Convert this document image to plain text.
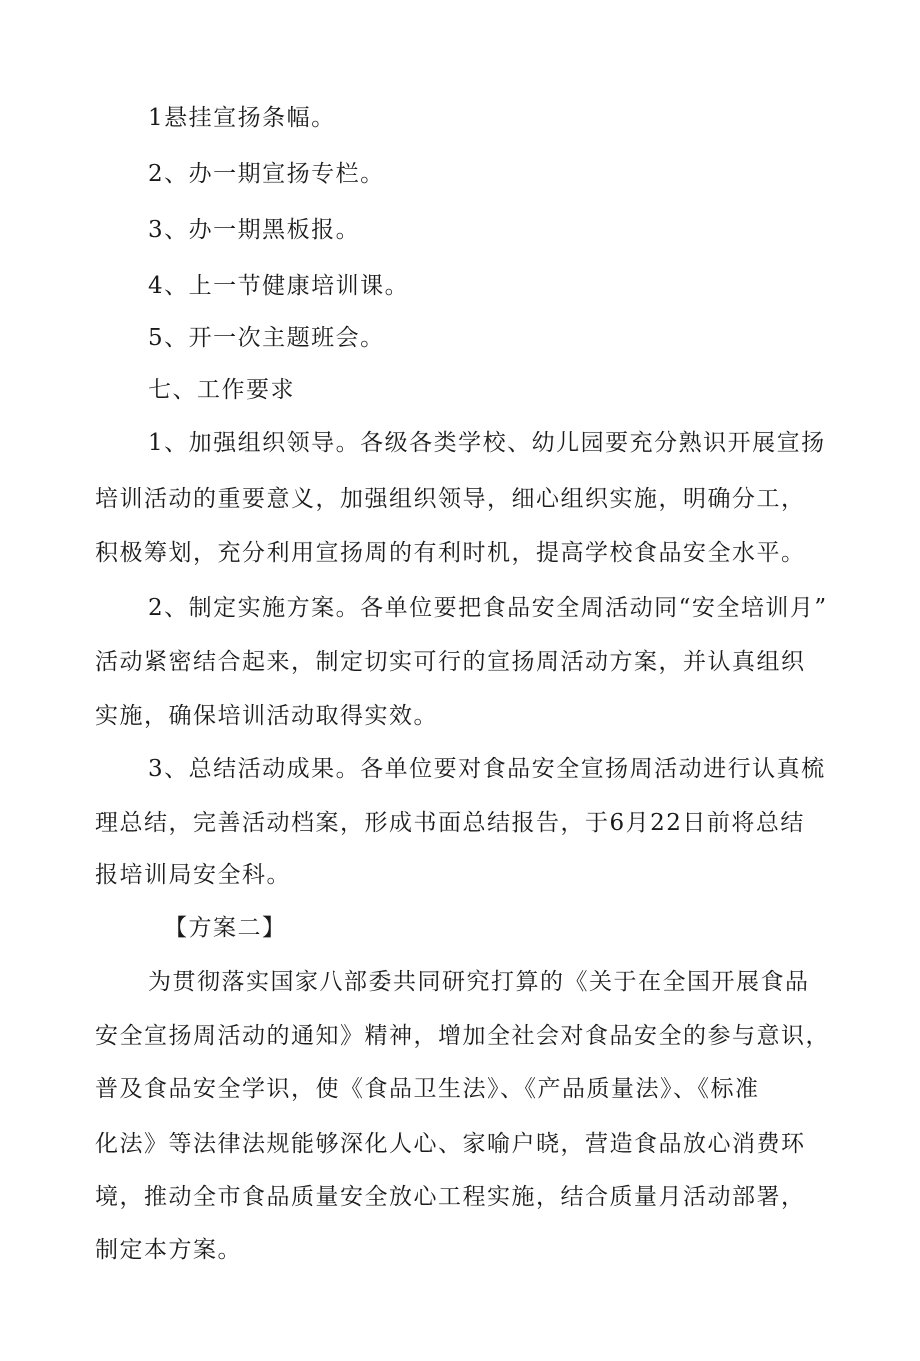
1悬挂宣扬条幅。
2、办一期宣扬专栏。
3、办一期黑板报。
4、上一节健康培训课。
5、开一次主题班会。
七、工作要求
1、加强组织领导。各级各类学校、幼儿园要充分熟识开展宣扬
培训活动的重要意义，加强组织领导，细心组织实施，明确分工，
积极筹划，充分利用宣扬周的有利时机，提高学校食品安全水平。
2、制定实施方案。各单位要把食品安全周活动同“安全培训月”
活动紧密结合起来，制定切实可行的宣扬周活动方案，并认真组织
实施，确保培训活动取得实效。
3、总结活动成果。各单位要对食品安全宣扬周活动进行认真梳
理总结，完善活动档案，形成书面总结报告，于6月22日前将总结
报培训局安全科。
【方案二】
为贯彻落实国家八部委共同研究打算的《关于在全国开展食品
安全宣扬周活动的通知》精神，增加全社会对食品安全的参与意识，
普及食品安全学识，使《食品卫生法》、《产品质量法》、《标准
化法》等法律法规能够深化人心、家喻户晓，营造食品放心消费环
境，推动全市食品质量安全放心工程实施，结合质量月活动部署，
制定本方案。
